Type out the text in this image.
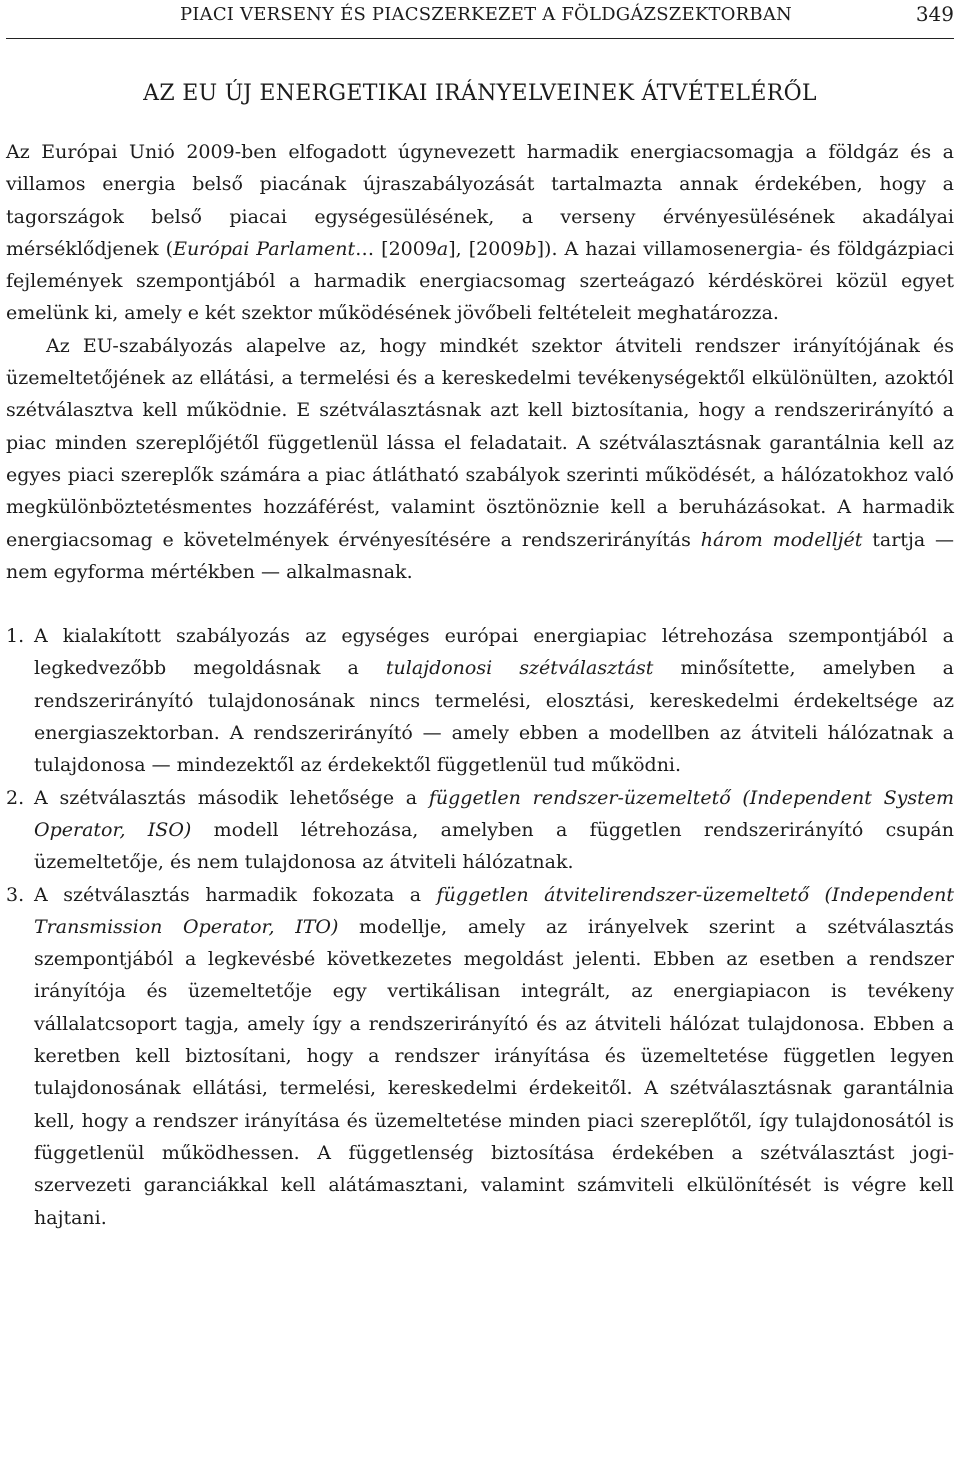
PIACI VERSENY ÉS PIACSZERKEZET A FÖLDGÁZSZEKTORBAN	349
AZ EU ÚJ ENERGETIKAI IRÁNYELVEINEK ÁTVÉTELÉRŐL

Az Európai Unió 2009-ben elfogadott úgynevezett harmadik energiacsomagja a földgáz és a villamos energia belső piacának újraszabályozását tartalmazta annak érdekében, hogy a tagországok belső piacai egységesülésének, a verseny érvényesülésének akadályai mérséklődjenek (Európai Parlament… [2009a], [2009b]). A hazai villamosenergia- és földgázpiaci fejlemények szempontjából a harmadik energiacsomag szerteágazó kérdéskörei közül egyet emelünk ki, amely e két szektor működésének jövőbeli feltételeit meghatározza.

Az EU-szabályozás alapelve az, hogy mindkét szektor átviteli rendszer irányítójának és üzemeltetőjének az ellátási, a termelési és a kereskedelmi tevékenységektől elkülönülten, azoktól szétválasztva kell működnie. E szétválasztásnak azt kell biztosítania, hogy a rendszerirányító a piac minden szereplőjétől függetlenül lássa el feladatait. A szétválasztásnak garantálnia kell az egyes piaci szereplők számára a piac átlátható szabályok szerinti működését, a hálózatokhoz való megkülönböztetésmentes hozzáférést, valamint ösztönöznie kell a beruházásokat. A harmadik energiacsomag e követelmények érvényesítésére a rendszerirányítás három modelljét tartja — nem egyforma mértékben — alkalmasnak.

1. A kialakított szabályozás az egységes európai energiapiac létrehozása szempontjából a legkedvezőbb megoldásnak a tulajdonosi szétválasztást minősítette, amelyben a rendszerirányító tulajdonosának nincs termelési, elosztási, kereskedelmi érdekeltsége az energiaszektorban. A rendszerirányító — amely ebben a modellben az átviteli hálózatnak a tulajdonosa — mindezektől az érdekektől függetlenül tud működni.
2. A szétválasztás második lehetősége a független rendszer-üzemeltető (Independent System Operator, ISO) modell létrehozása, amelyben a független rendszerirányító csupán üzemeltetője, és nem tulajdonosa az átviteli hálózatnak.
3. A szétválasztás harmadik fokozata a független átvitelirendszer-üzemeltető (Independent Transmission Operator, ITO) modellje, amely az irányelvek szerint a szétválasztás szempontjából a legkevésbé következetes megoldást jelenti. Ebben az esetben a rendszer irányítója és üzemeltetője egy vertikálisan integrált, az energiapiacon is tevékeny vállalatcsoport tagja, amely így a rendszerirányító és az átviteli hálózat tulajdonosa. Ebben a keretben kell biztosítani, hogy a rendszer irányítása és üzemeltetése független legyen tulajdonosának ellátási, termelési, kereskedelmi érdekeitől. A szétválasztásnak garantálnia kell, hogy a rendszer irányítása és üzemeltetése minden piaci szereplőtől, így tulajdonosától is függetlenül működhessen. A függetlenség biztosítása érdekében a szétválasztást jogi-szervezeti garanciákkal kell alátámasztani, valamint számviteli elkülönítését is végre kell hajtani.
